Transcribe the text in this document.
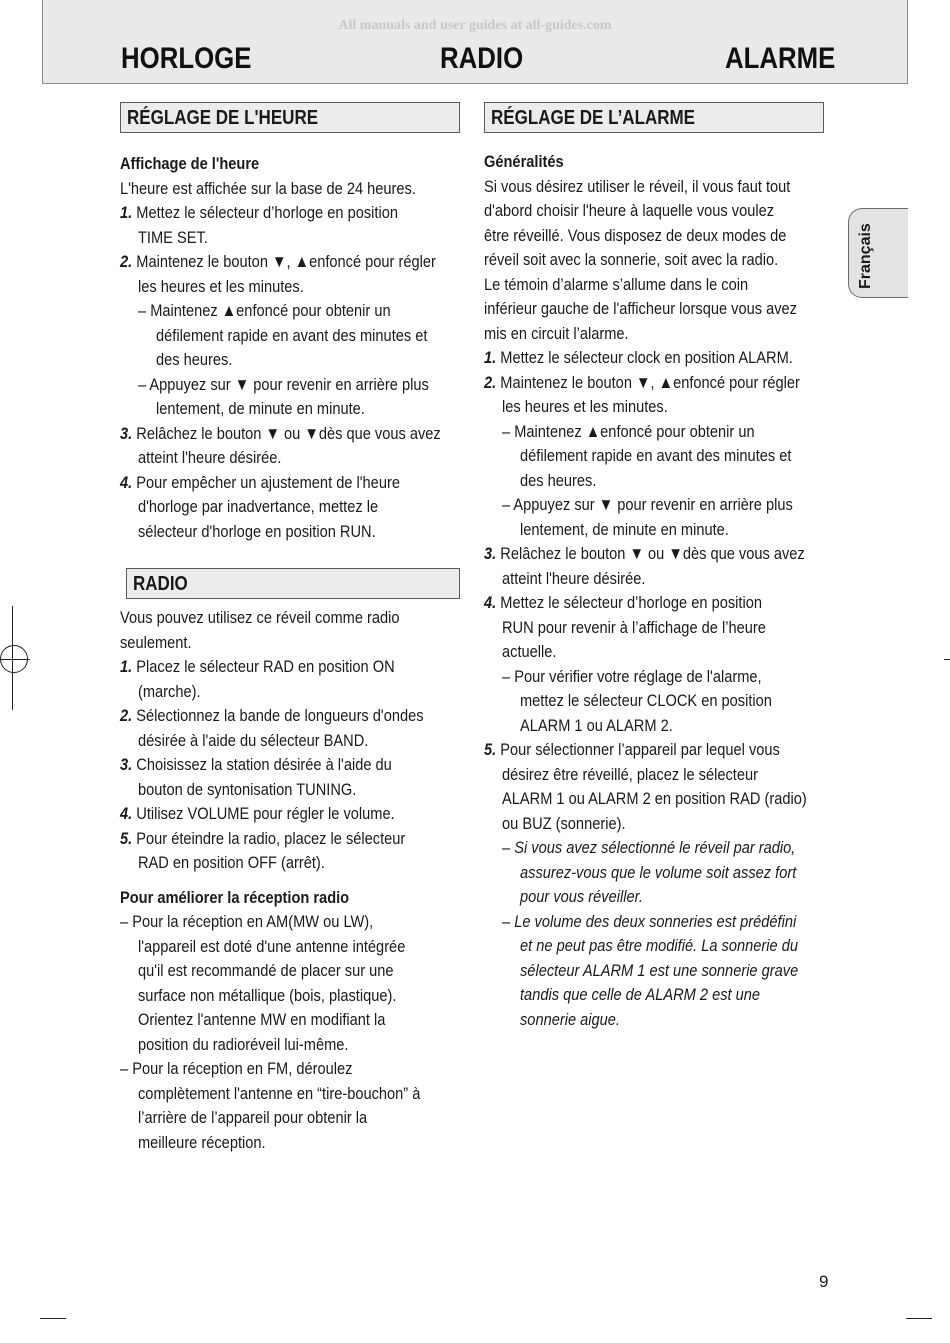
All manuals and user guides at all-guides.com
HORLOGE	RADIO	ALARME
RÉGLAGE DE L'HEURE

Affichage de l'heure

L'heure est affichée sur la base de 24 heures.

1. Mettez le sélecteur d’horloge en position

TIME SET.

2. Maintenez le bouton ▼, ▲enfoncé pour régler

les heures et les minutes.

– Maintenez ▲enfoncé pour obtenir un

défilement rapide en avant des minutes et

des heures.

– Appuyez sur ▼ pour revenir en arrière plus

lentement, de minute en minute.

3. Relâchez le bouton ▼ ou ▼dès que vous avez

atteint l'heure désirée.

4. Pour empêcher un ajustement de l'heure

d'horloge par inadvertance, mettez le

sélecteur d'horloge en position RUN.

RADIO

Vous pouvez utilisez ce réveil comme radio

seulement.

1. Placez le sélecteur RAD en position ON

(marche).

2. Sélectionnez la bande de longueurs d'ondes

désirée à l'aide du sélecteur BAND.

3. Choisissez la station désirée à l'aide du

bouton de syntonisation TUNING.

4. Utilisez VOLUME pour régler le volume.

5. Pour éteindre la radio, placez le sélecteur

RAD en position OFF (arrêt).

Pour améliorer la réception radio

– Pour la réception en AM(MW ou LW),

l'appareil est doté d'une antenne intégrée

qu'il est recommandé de placer sur une

surface non métallique (bois, plastique).

Orientez l'antenne MW en modifiant la

position du radioréveil lui-même.

– Pour la réception en FM, déroulez

complètement l'antenne en “tire-bouchon” à

l’arrière de l’appareil pour obtenir la

meilleure réception.

RÉGLAGE DE L’ALARME

Généralités

Si vous désirez utiliser le réveil, il vous faut tout

d'abord choisir l'heure à laquelle vous voulez

être réveillé. Vous disposez de deux modes de

réveil soit avec la sonnerie, soit avec la radio.

Le témoin d’alarme s’allume dans le coin

inférieur gauche de l'afficheur lorsque vous avez

mis en circuit l’alarme.

1. Mettez le sélecteur clock en position ALARM.

2. Maintenez le bouton ▼, ▲enfoncé pour régler

les heures et les minutes.

– Maintenez ▲enfoncé pour obtenir un

défilement rapide en avant des minutes et

des heures.

– Appuyez sur ▼ pour revenir en arrière plus

lentement, de minute en minute.

3. Relâchez le bouton ▼ ou ▼dès que vous avez

atteint l'heure désirée.

4. Mettez le sélecteur d’horloge en position

RUN pour revenir à l’affichage de l’heure

actuelle.

– Pour vérifier votre réglage de l'alarme,

mettez le sélecteur CLOCK en position

ALARM 1 ou ALARM 2.

5. Pour sélectionner l’appareil par lequel vous

désirez être réveillé, placez le sélecteur

ALARM 1 ou ALARM 2 en position RAD (radio)

ou BUZ (sonnerie).

– Si vous avez sélectionné le réveil par radio,

assurez-vous que le volume soit assez fort

pour vous réveiller.

– Le volume des deux sonneries est prédéfini

et ne peut pas être modifié. La sonnerie du

sélecteur ALARM 1 est une sonnerie grave

tandis que celle de ALARM 2 est une

sonnerie aigue.

Français
9
